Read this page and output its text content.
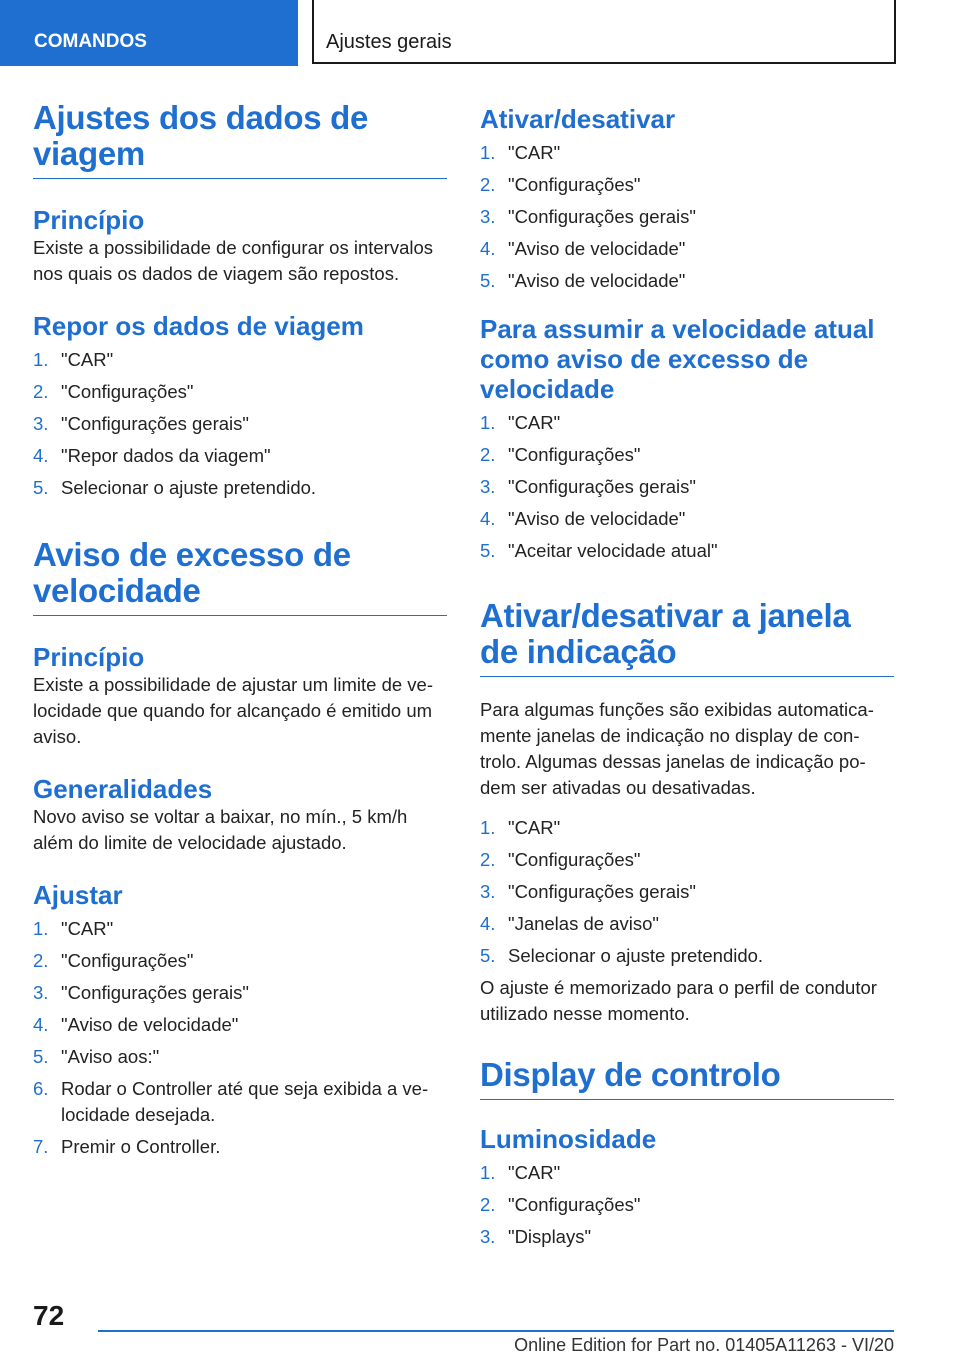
COMANDOS	Ajustes gerais
Ajustes dos dados de viagem
Princípio

Existe a possibilidade de configurar os intervalos nos quais os dados de viagem são repostos.

Repor os dados de viagem
1. "CAR"
2. "Configurações"
3. "Configurações gerais"
4. "Repor dados da viagem"
5. Selecionar o ajuste pretendido.
Aviso de excesso de velocidade
Princípio

Existe a possibilidade de ajustar um limite de velocidade que quando for alcançado é emitido um aviso.

Generalidades

Novo aviso se voltar a baixar, no mín., 5 km/h além do limite de velocidade ajustado.

Ajustar
1. "CAR"
2. "Configurações"
3. "Configurações gerais"
4. "Aviso de velocidade"
5. "Aviso aos:"
6. Rodar o Controller até que seja exibida a velocidade desejada.
7. Premir o Controller.
Ativar/desativar
1. "CAR"
2. "Configurações"
3. "Configurações gerais"
4. "Aviso de velocidade"
5. "Aviso de velocidade"
Para assumir a velocidade atual como aviso de excesso de velocidade
1. "CAR"
2. "Configurações"
3. "Configurações gerais"
4. "Aviso de velocidade"
5. "Aceitar velocidade atual"
Ativar/desativar a janela de indicação

Para algumas funções são exibidas automaticamente janelas de indicação no display de controlo. Algumas dessas janelas de indicação podem ser ativadas ou desativadas.

1. "CAR"
2. "Configurações"
3. "Configurações gerais"
4. "Janelas de aviso"
5. Selecionar o ajuste pretendido.

O ajuste é memorizado para o perfil de condutor utilizado nesse momento.

Display de controlo
Luminosidade
1. "CAR"
2. "Configurações"
3. "Displays"
72
Online Edition for Part no. 01405A11263 - VI/20
